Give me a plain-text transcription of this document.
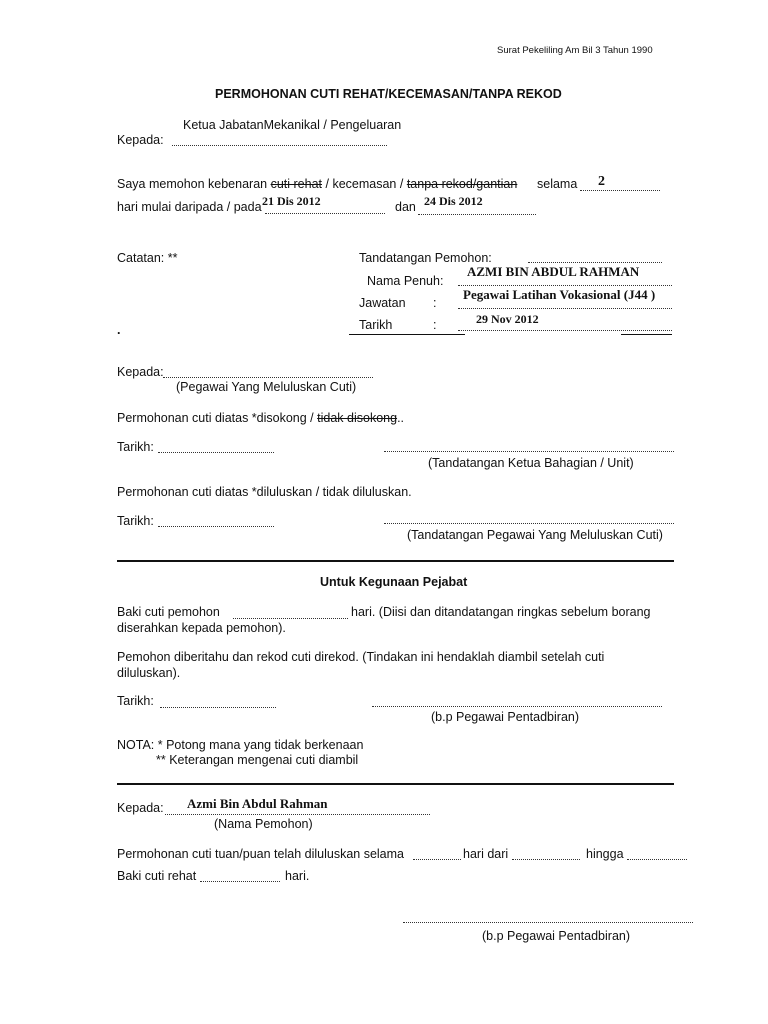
Surat Pekeliling Am Bil 3 Tahun 1990
PERMOHONAN CUTI REHAT/KECEMASAN/TANPA REKOD
Ketua JabatanMekanikal / Pengeluaran
Kepada:
Saya memohon kebenaran cuti rehat / kecemasan / tanpa rekod/gantian selama 2
hari mulai daripada / pada 21 Dis 2012	dan 24 Dis 2012
Catatan: **	Tandatangan Pemohon:
Nama Penuh:
AZMI BIN ABDUL RAHMAN
Jawatan :
Pegawai Latihan Vokasional (J44 )
Tarikh	:	29 Nov 2012
.
Kepada:
(Pegawai Yang Meluluskan Cuti)
Permohonan cuti diatas *disokong / tidak disokong..
Tarikh:
(Tandatangan Ketua Bahagian / Unit)
Permohonan cuti diatas *diluluskan / tidak diluluskan.
Tarikh:
(Tandatangan Pegawai Yang Meluluskan Cuti)
Untuk Kegunaan Pejabat
Baki cuti pemohon	hari. (Diisi dan ditandatangan ringkas sebelum borang
diserahkan kepada pemohon).
Pemohon diberitahu dan rekod cuti direkod. (Tindakan ini hendaklah diambil setelah cuti
diluluskan).
Tarikh:
(b.p Pegawai Pentadbiran)
NOTA: * Potong mana yang tidak berkenaan
** Keterangan mengenai cuti diambil
Kepada: Azmi Bin Abdul Rahman
(Nama Pemohon)
Permohonan cuti tuan/puan telah diluluskan selama	hari dari	hingga
Baki cuti rehat	hari.
(b.p Pegawai Pentadbiran)
